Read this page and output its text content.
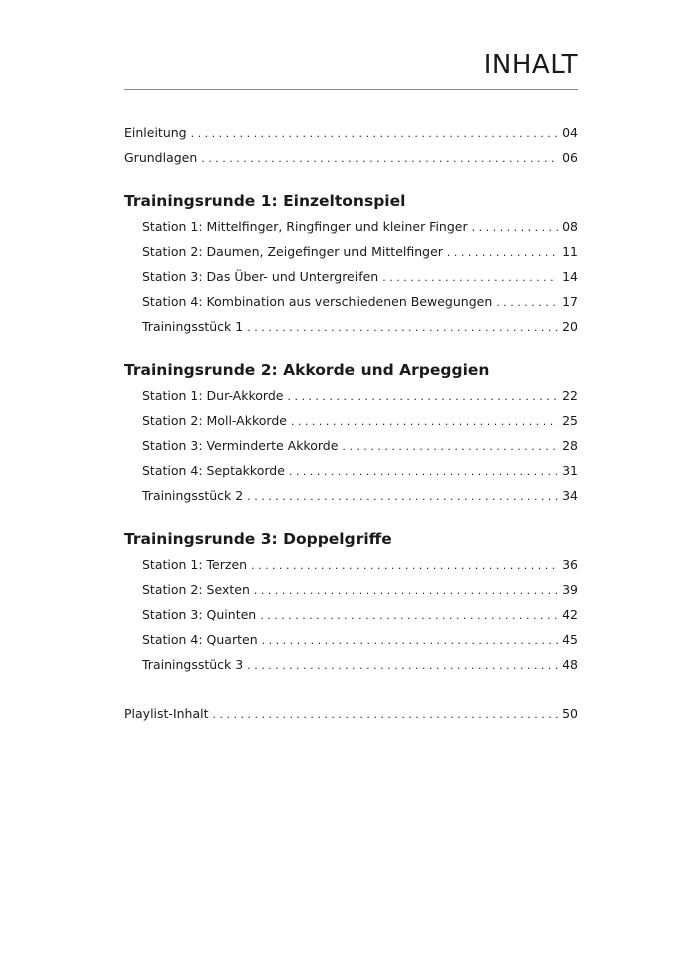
INHALT
Einleitung . . .	04
Grundlagen . . .	06
Trainingsrunde 1: Einzeltonspiel
Station 1: Mittelfinger, Ringfinger und kleiner Finger . . .	08
Station 2: Daumen, Zeigefinger und Mittelfinger . . .	11
Station 3: Das Über- und Untergreifen . . .	14
Station 4: Kombination aus verschiedenen Bewegungen . . .	17
Trainingsstück 1 . . .	20
Trainingsrunde 2: Akkorde und Arpeggien
Station 1: Dur-Akkorde . . .	22
Station 2: Moll-Akkorde . . .	25
Station 3: Verminderte Akkorde . . .	28
Station 4: Septakkorde . . .	31
Trainingsstück 2 . . .	34
Trainingsrunde 3: Doppelgriffe
Station 1: Terzen . . .	36
Station 2: Sexten . . .	39
Station 3: Quinten . . .	42
Station 4: Quarten . . .	45
Trainingsstück 3 . . .	48
Playlist-Inhalt . . .	50
